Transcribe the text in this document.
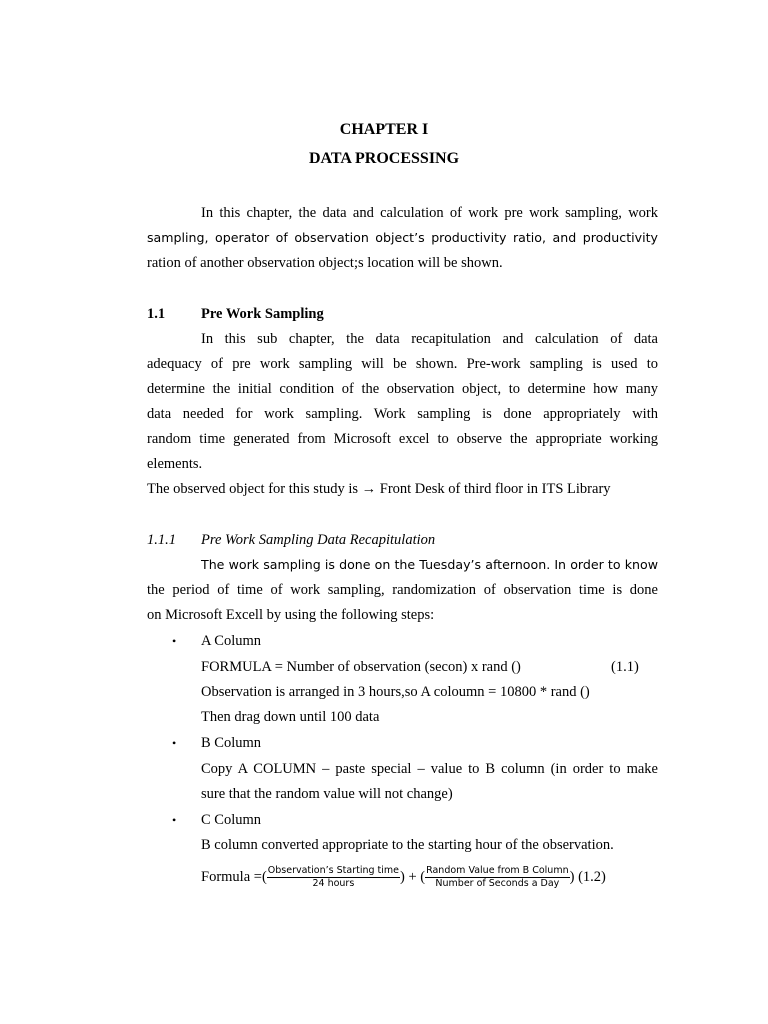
CHAPTER I
DATA PROCESSING
In this chapter, the data and calculation of work pre work sampling, work
sampling, operator of observation object’s productivity ratio, and productivity
ration of another observation object;s location will be shown.
1.1 Pre Work Sampling
In this sub chapter, the data recapitulation and calculation of data
adequacy of pre work sampling will be shown. Pre-work sampling is used to
determine the initial condition of the observation object, to determine how many
data needed for work sampling. Work sampling is done appropriately with
random time generated from Microsoft excel to observe the appropriate working
elements.
The observed object for this study is → Front Desk of third floor in ITS Library
1.1.1 Pre Work Sampling Data Recapitulation
The work sampling is done on the Tuesday’s afternoon. In order to know
the period of time of work sampling, randomization of observation time is done
on Microsoft Excell by using the following steps:
• A Column
FORMULA = Number of observation (secon) x rand ()	(1.1)
Observation is arranged in 3 hours,so A coloumn = 10800 * rand ()
Then drag down until 100 data
• B Column
Copy A COLUMN – paste special – value to B column (in order to make
sure that the random value will not change)
• C Column
B column converted appropriate to the starting hour of the observation.
Formula =( $\frac{\text{Observation’s Starting time}}{\text{24 hours}}$ ) + ( $\frac{\text{Random Value from B Column}}{\text{Number of Seconds a Day}}$ ) (1.2)
